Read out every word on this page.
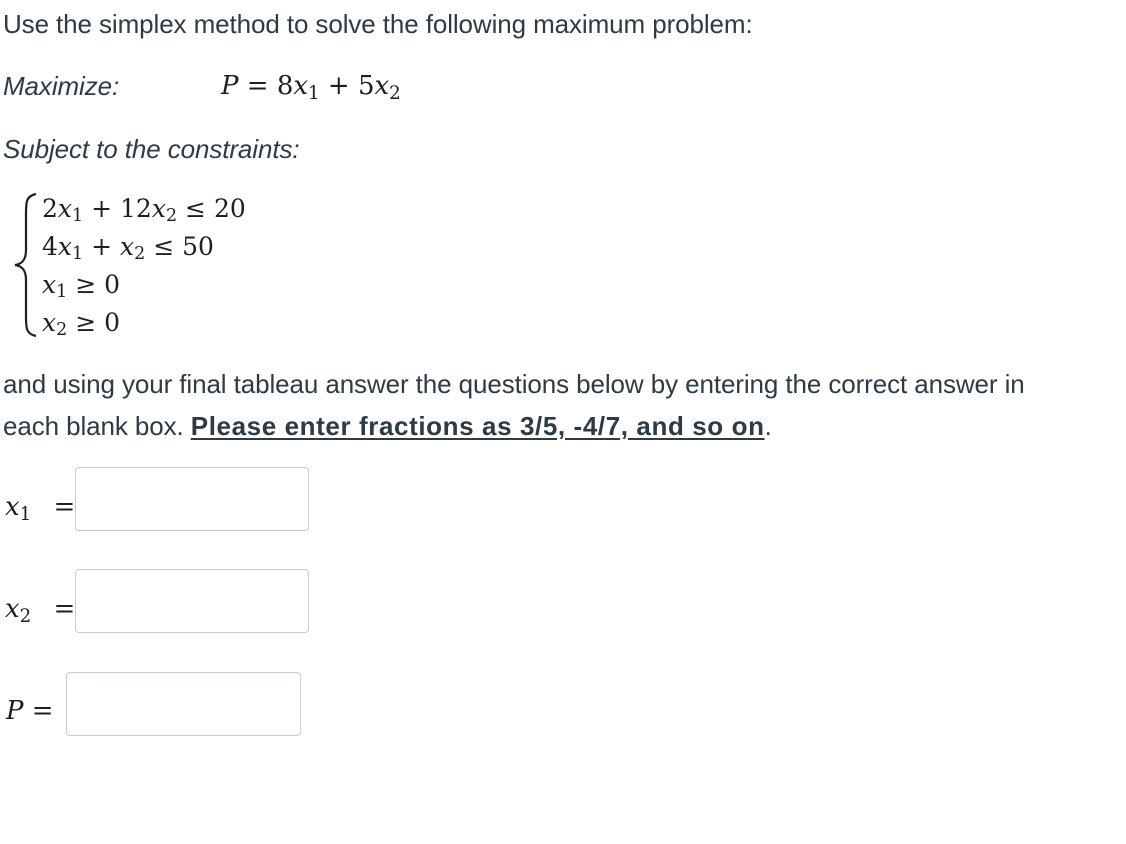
Use the simplex method to solve the following maximum problem:
Maximize:	P = 8x1 + 5x2
Subject to the constraints:
2x1 + 12x2 ≤ 20
4x1 + x2 ≤ 50
x1 ≥ 0
x2 ≥ 0
and using your final tableau answer the questions below by entering the correct answer in
each blank box. Please enter fractions as 3/5, -4/7, and so on.
x1 =
x2 =
P =
